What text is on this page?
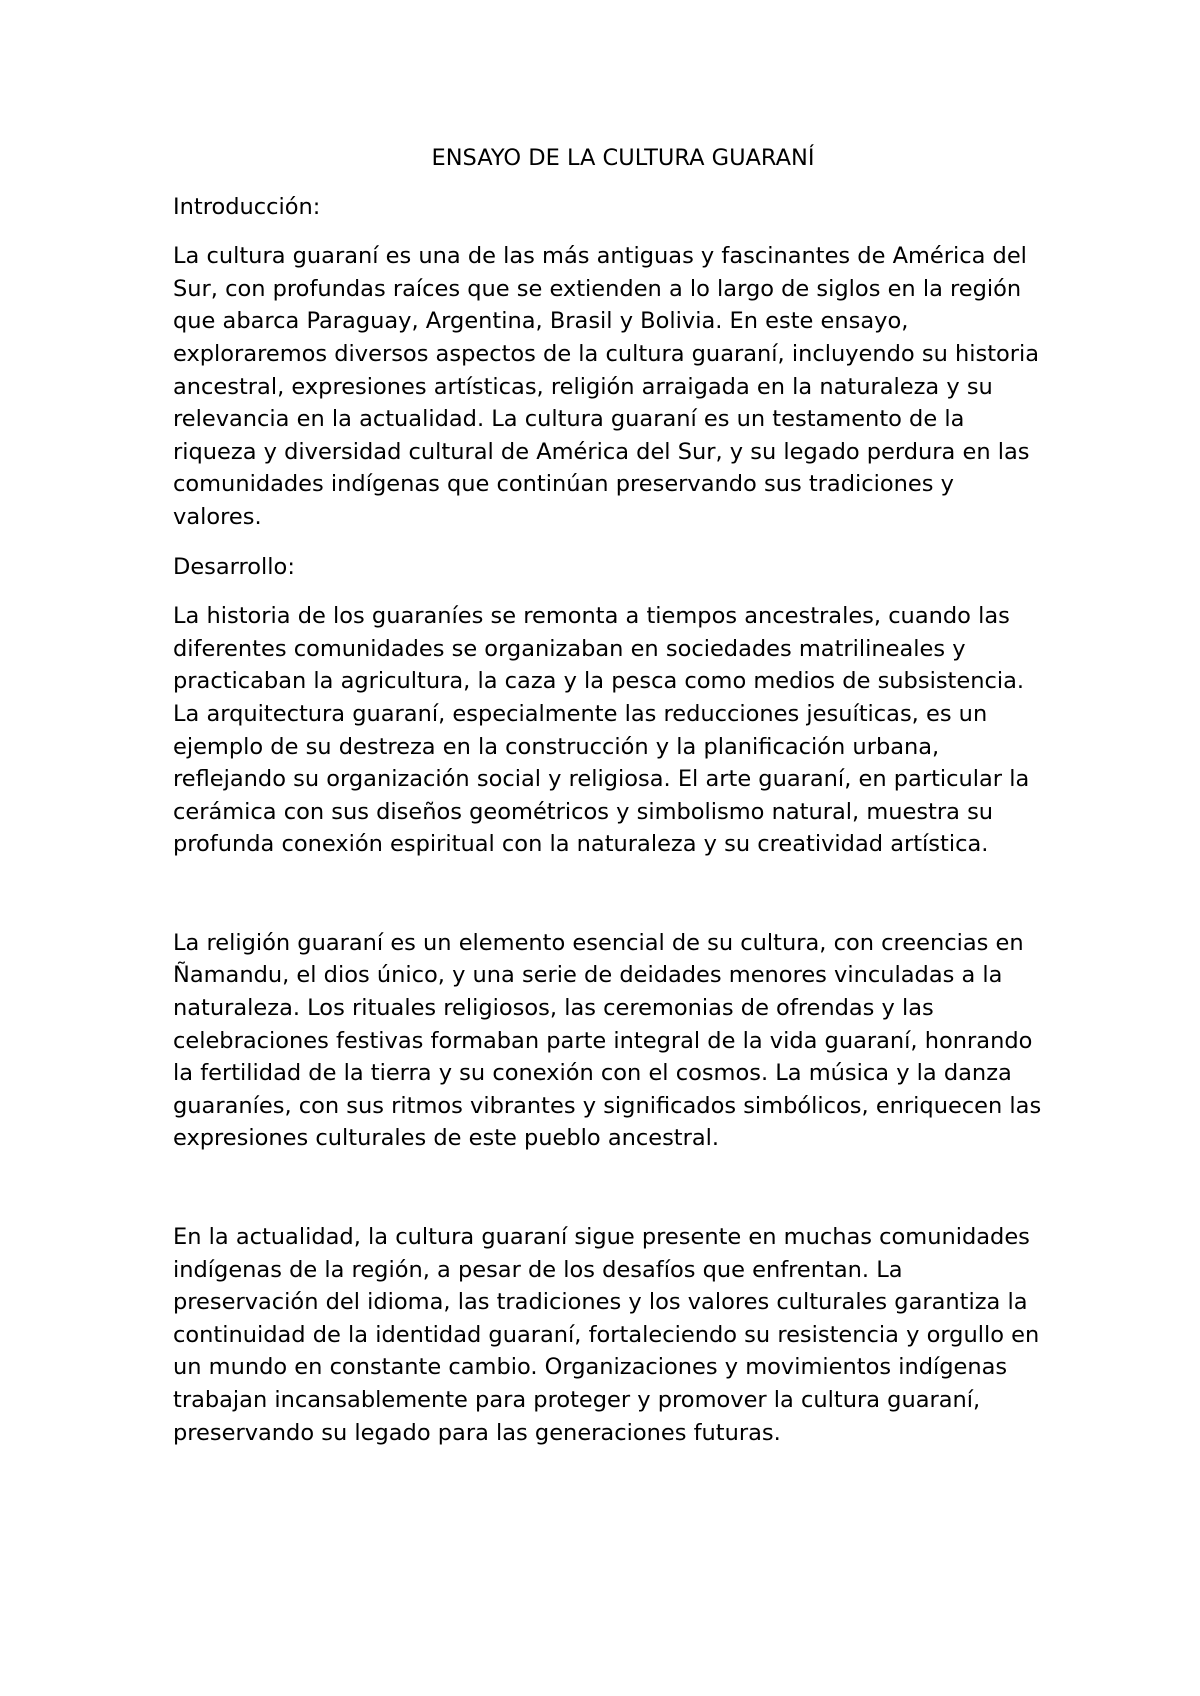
ENSAYO DE LA CULTURA GUARANÍ

Introducción:

La cultura guaraní es una de las más antiguas y fascinantes de América del Sur, con profundas raíces que se extienden a lo largo de siglos en la región que abarca Paraguay, Argentina, Brasil y Bolivia. En este ensayo, exploraremos diversos aspectos de la cultura guaraní, incluyendo su historia ancestral, expresiones artísticas, religión arraigada en la naturaleza y su relevancia en la actualidad. La cultura guaraní es un testamento de la riqueza y diversidad cultural de América del Sur, y su legado perdura en las comunidades indígenas que continúan preservando sus tradiciones y valores.

Desarrollo:

La historia de los guaraníes se remonta a tiempos ancestrales, cuando las diferentes comunidades se organizaban en sociedades matrilineales y practicaban la agricultura, la caza y la pesca como medios de subsistencia. La arquitectura guaraní, especialmente las reducciones jesuíticas, es un ejemplo de su destreza en la construcción y la planificación urbana, reflejando su organización social y religiosa. El arte guaraní, en particular la cerámica con sus diseños geométricos y simbolismo natural, muestra su profunda conexión espiritual con la naturaleza y su creatividad artística.

La religión guaraní es un elemento esencial de su cultura, con creencias en Ñamandu, el dios único, y una serie de deidades menores vinculadas a la naturaleza. Los rituales religiosos, las ceremonias de ofrendas y las celebraciones festivas formaban parte integral de la vida guaraní, honrando la fertilidad de la tierra y su conexión con el cosmos. La música y la danza guaraníes, con sus ritmos vibrantes y significados simbólicos, enriquecen las expresiones culturales de este pueblo ancestral.

En la actualidad, la cultura guaraní sigue presente en muchas comunidades indígenas de la región, a pesar de los desafíos que enfrentan. La preservación del idioma, las tradiciones y los valores culturales garantiza la continuidad de la identidad guaraní, fortaleciendo su resistencia y orgullo en un mundo en constante cambio. Organizaciones y movimientos indígenas trabajan incansablemente para proteger y promover la cultura guaraní, preservando su legado para las generaciones futuras.
